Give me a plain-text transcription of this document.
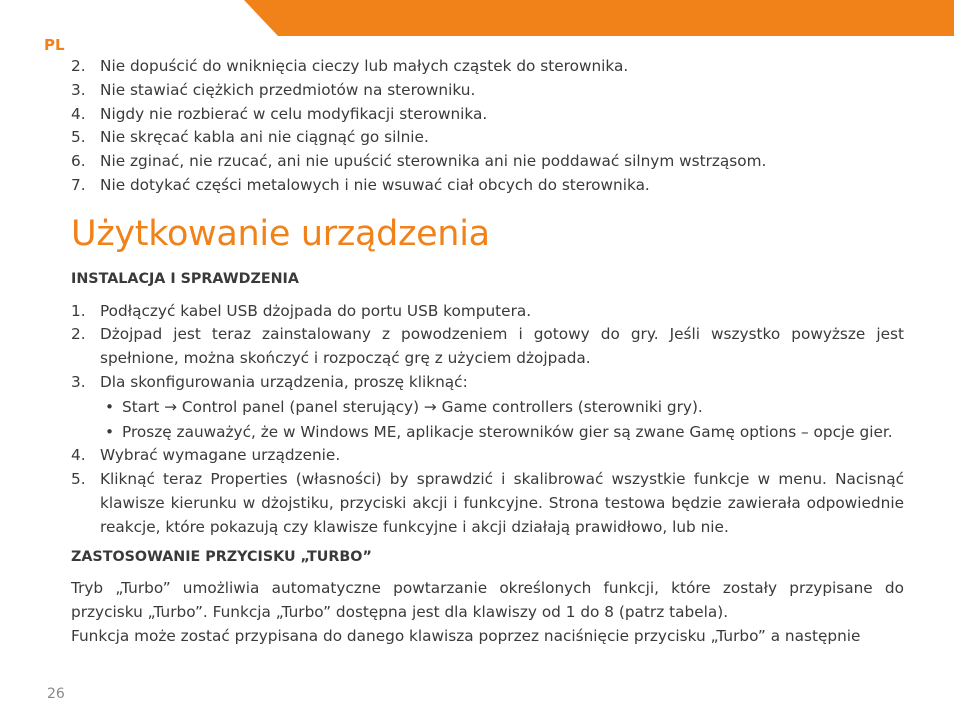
PL
2. Nie dopuścić do wniknięcia cieczy lub małych cząstek do sterownika.
3. Nie stawiać ciężkich przedmiotów na sterowniku.
4. Nigdy nie rozbierać w celu modyfikacji sterownika.
5. Nie skręcać kabla ani nie ciągnąć go silnie.
6. Nie zginać, nie rzucać, ani nie upuścić sterownika ani nie poddawać silnym wstrząsom.
7. Nie dotykać części metalowych i nie wsuwać ciał obcych do sterownika.
Użytkowanie urządzenia
INSTALACJA I SPRAWDZENIA
1. Podłączyć kabel USB dżojpada do portu USB komputera.
2. Dżojpad jest teraz zainstalowany z powodzeniem i gotowy do gry. Jeśli wszystko powyższe jest spełnione, można skończyć i rozpocząć grę z użyciem dżojpada.
3. Dla skonfigurowania urządzenia, proszę kliknąć:
• Start → Control panel (panel sterujący) → Game controllers (sterowniki gry).
• Proszę zauważyć, że w Windows ME, aplikacje sterowników gier są zwane Gamę options – opcje gier.
4. Wybrać wymagane urządzenie.
5. Kliknąć teraz Properties (własności) by sprawdzić i skalibrować wszystkie funkcje w menu. Nacisnąć klawisze kierunku w dżojstiku, przyciski akcji i funkcyjne. Strona testowa będzie zawierała odpowiednie reakcje, które pokazują czy klawisze funkcyjne i akcji działają prawidłowo, lub nie.
ZASTOSOWANIE PRZYCISKU „TURBO”
Tryb „Turbo” umożliwia automatyczne powtarzanie określonych funkcji, które zostały przypisane do przycisku „Turbo”. Funkcja „Turbo” dostępna jest dla klawiszy od 1 do 8 (patrz tabela).
Funkcja może zostać przypisana do danego klawisza poprzez naciśnięcie przycisku „Turbo” a następnie
26
